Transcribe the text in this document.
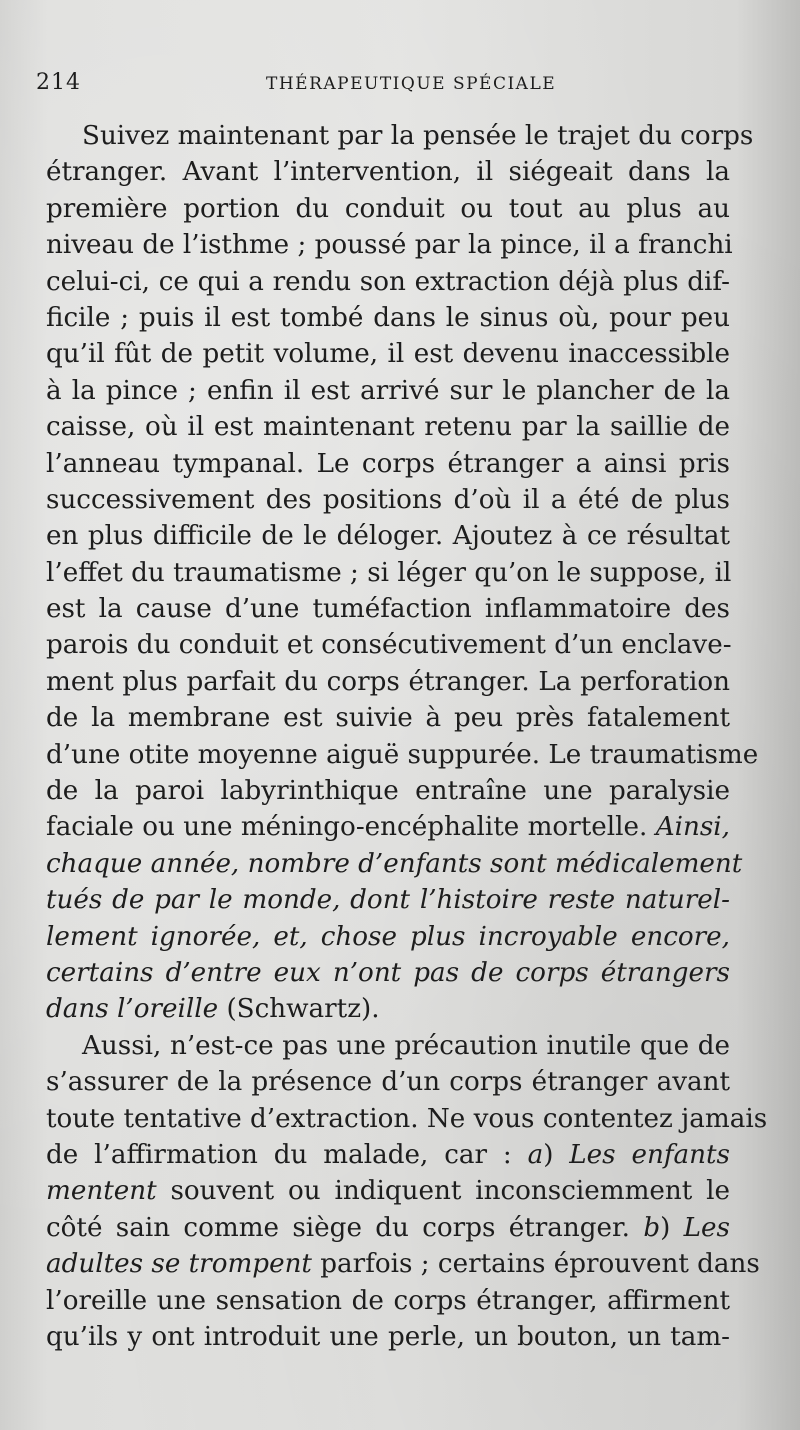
214	THÉRAPEUTIQUE SPÉCIALE
Suivez maintenant par la pensée le trajet du corps
étranger. Avant l’intervention, il siégeait dans la
première portion du conduit ou tout au plus au
niveau de l’isthme ; poussé par la pince, il a franchi
celui-ci, ce qui a rendu son extraction déjà plus dif-
ficile ; puis il est tombé dans le sinus où, pour peu
qu’il fût de petit volume, il est devenu inaccessible
à la pince ; enfin il est arrivé sur le plancher de la
caisse, où il est maintenant retenu par la saillie de
l’anneau tympanal. Le corps étranger a ainsi pris
successivement des positions d’où il a été de plus
en plus difficile de le déloger. Ajoutez à ce résultat
l’effet du traumatisme ; si léger qu’on le suppose, il
est la cause d’une tuméfaction inflammatoire des
parois du conduit et consécutivement d’un enclave-
ment plus parfait du corps étranger. La perforation
de la membrane est suivie à peu près fatalement
d’une otite moyenne aiguë suppurée. Le traumatisme
de la paroi labyrinthique entraîne une paralysie
faciale ou une méningo-encéphalite mortelle. Ainsi,
chaque année, nombre d’enfants sont médicalement
tués de par le monde, dont l’histoire reste naturel-
lement ignorée, et, chose plus incroyable encore,
certains d’entre eux n’ont pas de corps étrangers
dans l’oreille (Schwartz).
Aussi, n’est-ce pas une précaution inutile que de
s’assurer de la présence d’un corps étranger avant
toute tentative d’extraction. Ne vous contentez jamais
de l’affirmation du malade, car : a) Les enfants
mentent souvent ou indiquent inconsciemment le
côté sain comme siège du corps étranger. b) Les
adultes se trompent parfois ; certains éprouvent dans
l’oreille une sensation de corps étranger, affirment
qu’ils y ont introduit une perle, un bouton, un tam-
